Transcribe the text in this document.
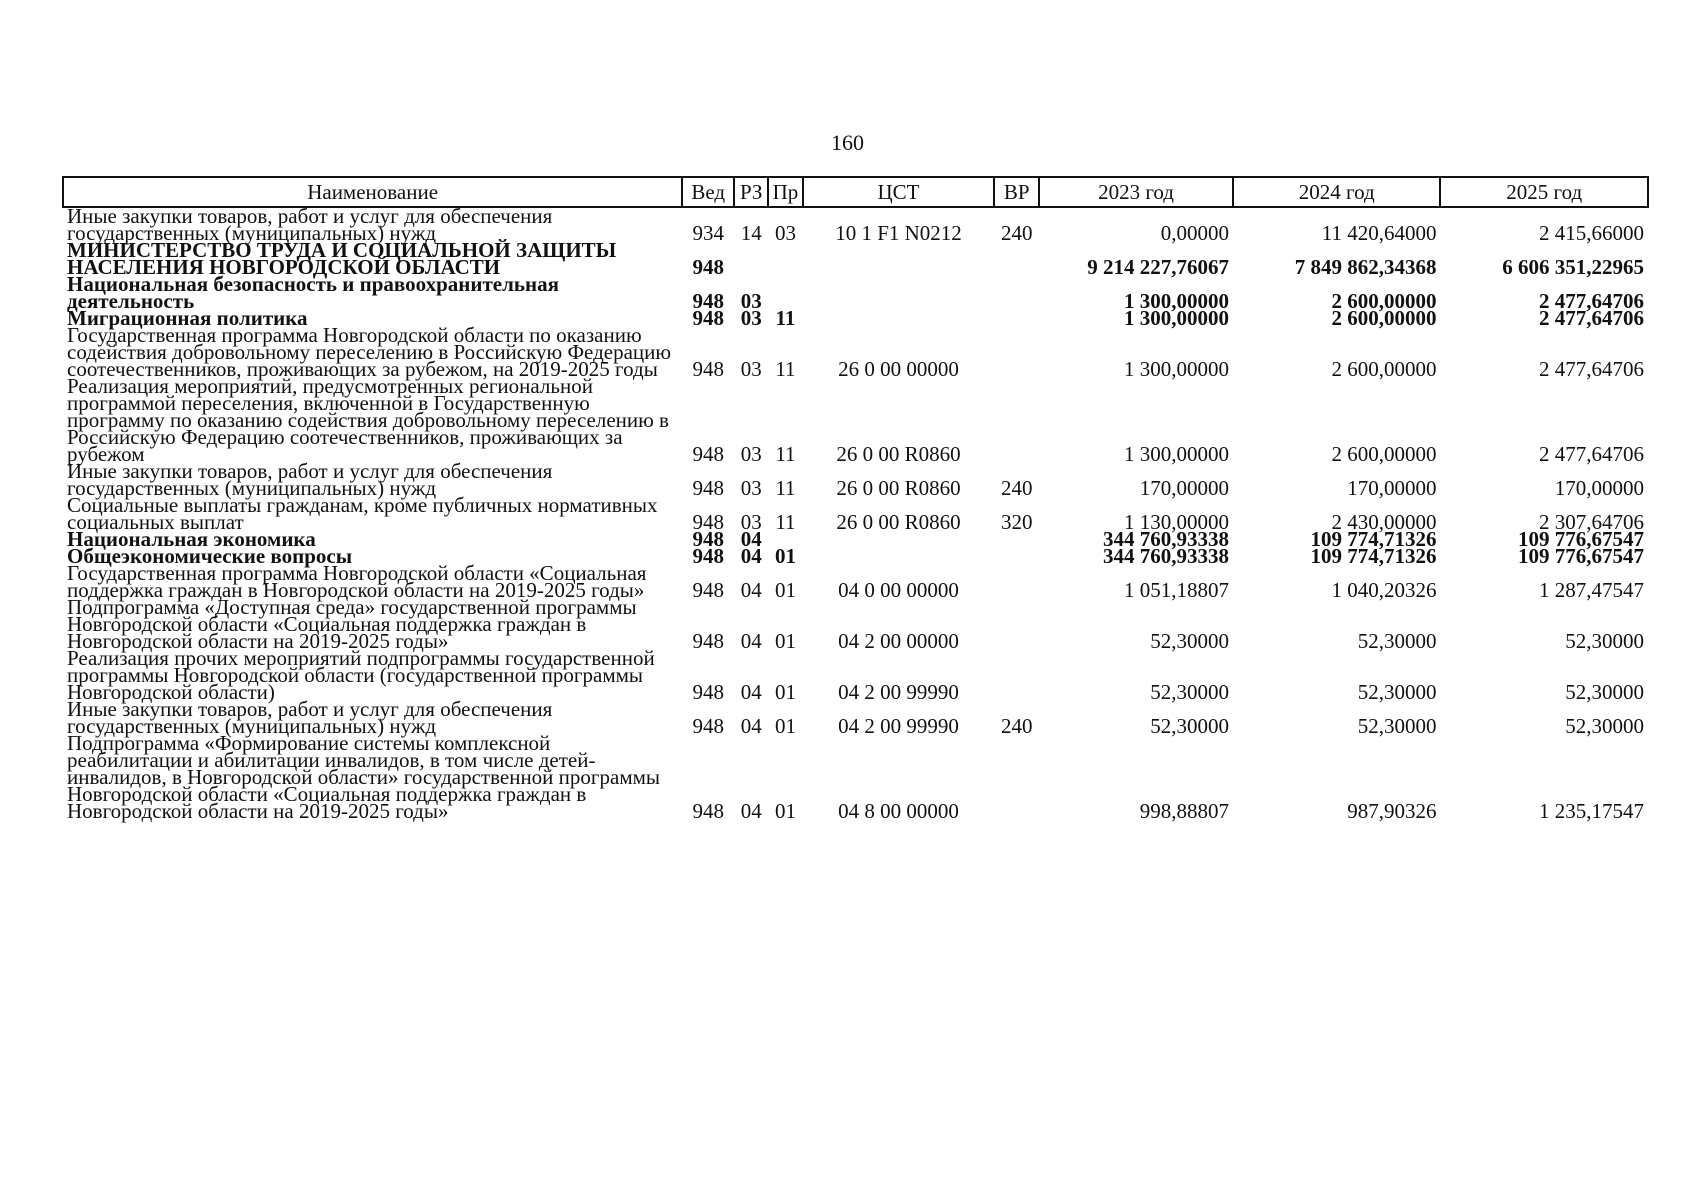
160
Наименование	Вед	РЗ	Пр	ЦСТ	ВР	2023 год	2024 год	2025 год
Иные закупки товаров, работ и услуг для обеспечения государственных (муниципальных) нужд	934	14	03	10 1 F1 N0212	240	0,00000	11 420,64000	2 415,66000
МИНИСТЕРСТВО ТРУДА И СОЦИАЛЬНОЙ ЗАЩИТЫ НАСЕЛЕНИЯ НОВГОРОДСКОЙ ОБЛАСТИ	948					9 214 227,76067	7 849 862,34368	6 606 351,22965
Национальная безопасность и правоохранительная деятельность	948	03				1 300,00000	2 600,00000	2 477,64706
Миграционная политика	948	03	11			1 300,00000	2 600,00000	2 477,64706
Государственная программа Новгородской области по оказанию содействия добровольному переселению в Российскую Федерацию соотечественников, проживающих за рубежом, на 2019-2025 годы	948	03	11	26 0 00 00000		1 300,00000	2 600,00000	2 477,64706
Реализация мероприятий, предусмотренных региональной программой переселения, включенной в Государственную программу по оказанию содействия добровольному переселению в Российскую Федерацию соотечественников, проживающих за рубежом	948	03	11	26 0 00 R0860		1 300,00000	2 600,00000	2 477,64706
Иные закупки товаров, работ и услуг для обеспечения государственных (муниципальных) нужд	948	03	11	26 0 00 R0860	240	170,00000	170,00000	170,00000
Социальные выплаты гражданам, кроме публичных нормативных социальных выплат	948	03	11	26 0 00 R0860	320	1 130,00000	2 430,00000	2 307,64706
Национальная экономика	948	04				344 760,93338	109 774,71326	109 776,67547
Общеэкономические вопросы	948	04	01			344 760,93338	109 774,71326	109 776,67547
Государственная программа Новгородской области «Социальная поддержка граждан в Новгородской области на 2019-2025 годы»	948	04	01	04 0 00 00000		1 051,18807	1 040,20326	1 287,47547
Подпрограмма «Доступная среда» государственной программы Новгородской области «Социальная поддержка граждан в Новгородской области на 2019-2025 годы»	948	04	01	04 2 00 00000		52,30000	52,30000	52,30000
Реализация прочих мероприятий подпрограммы государственной программы Новгородской области (государственной программы Новгородской области)	948	04	01	04 2 00 99990		52,30000	52,30000	52,30000
Иные закупки товаров, работ и услуг для обеспечения государственных (муниципальных) нужд	948	04	01	04 2 00 99990	240	52,30000	52,30000	52,30000
Подпрограмма «Формирование системы комплексной реабилитации и абилитации инвалидов, в том числе детей-инвалидов, в Новгородской области» государственной программы Новгородской области «Социальная поддержка граждан в Новгородской области на 2019-2025 годы»	948	04	01	04 8 00 00000		998,88807	987,90326	1 235,17547
